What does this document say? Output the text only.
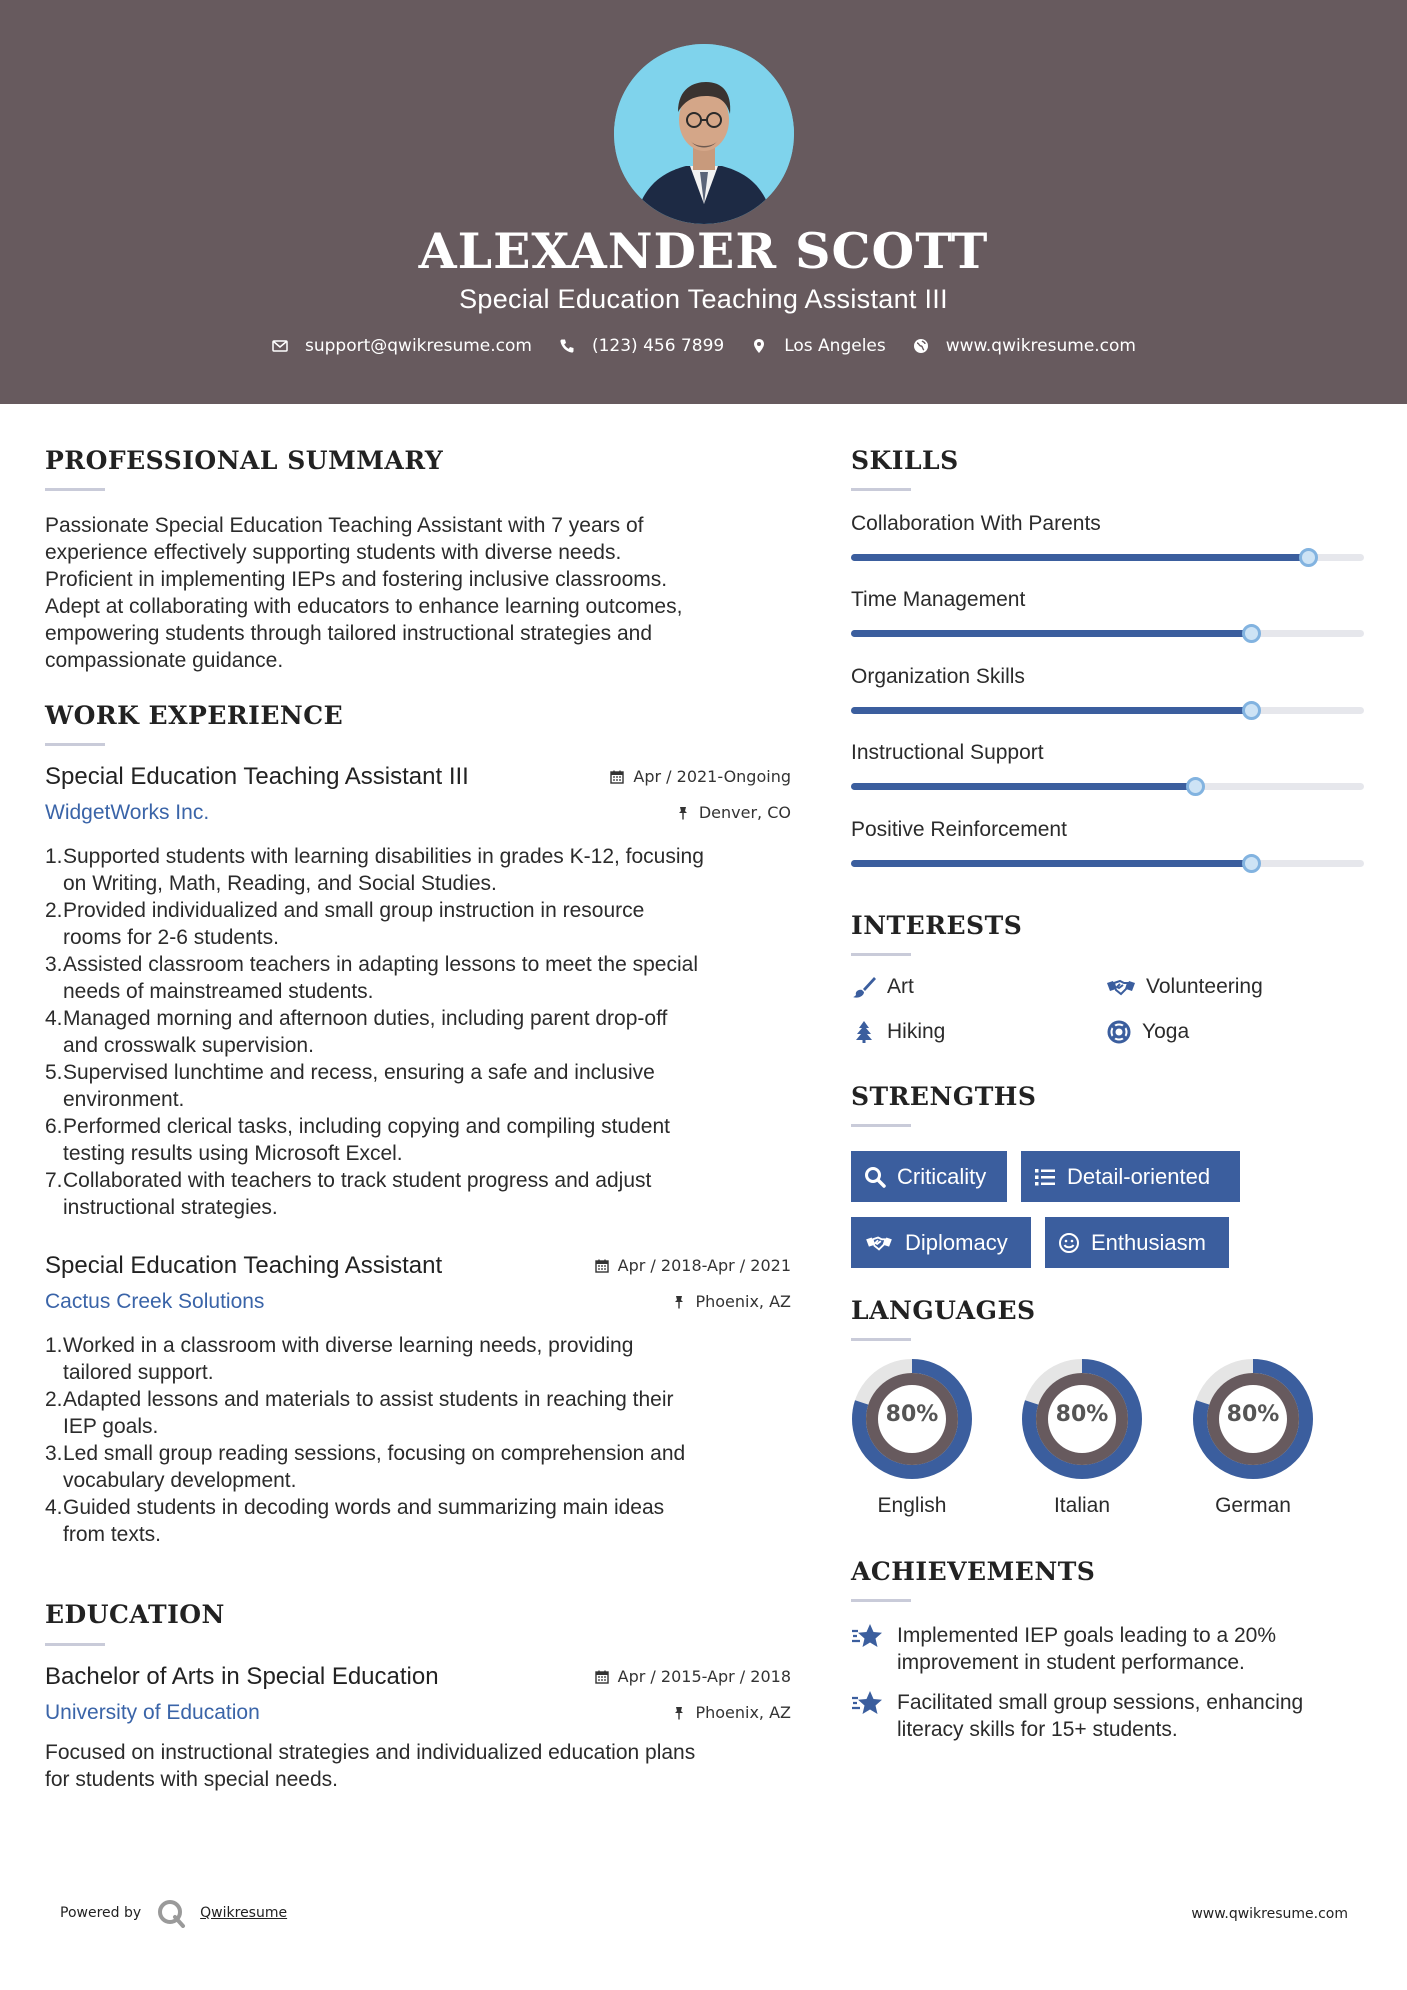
ALEXANDER SCOTT
Special Education Teaching Assistant III
support@qwikresume.com	(123) 456 7899	Los Angeles	www.qwikresume.com
PROFESSIONAL SUMMARY
Passionate Special Education Teaching Assistant with 7 years of
experience effectively supporting students with diverse needs.
Proficient in implementing IEPs and fostering inclusive classrooms.
Adept at collaborating with educators to enhance learning outcomes,
empowering students through tailored instructional strategies and
compassionate guidance.
WORK EXPERIENCE
Special Education Teaching Assistant III	Apr / 2021-Ongoing
WidgetWorks Inc.	Denver, CO
1. Supported students with learning disabilities in grades K-12, focusing
on Writing, Math, Reading, and Social Studies.
2. Provided individualized and small group instruction in resource
rooms for 2-6 students.
3. Assisted classroom teachers in adapting lessons to meet the special
needs of mainstreamed students.
4. Managed morning and afternoon duties, including parent drop-off
and crosswalk supervision.
5. Supervised lunchtime and recess, ensuring a safe and inclusive
environment.
6. Performed clerical tasks, including copying and compiling student
testing results using Microsoft Excel.
7. Collaborated with teachers to track student progress and adjust
instructional strategies.
Special Education Teaching Assistant	Apr / 2018-Apr / 2021
Cactus Creek Solutions	Phoenix, AZ
1. Worked in a classroom with diverse learning needs, providing
tailored support.
2. Adapted lessons and materials to assist students in reaching their
IEP goals.
3. Led small group reading sessions, focusing on comprehension and
vocabulary development.
4. Guided students in decoding words and summarizing main ideas
from texts.
EDUCATION
Bachelor of Arts in Special Education	Apr / 2015-Apr / 2018
University of Education	Phoenix, AZ
Focused on instructional strategies and individualized education plans
for students with special needs.
SKILLS
Collaboration With Parents
Time Management
Organization Skills
Instructional Support
Positive Reinforcement
INTERESTS
Art	Volunteering
Hiking	Yoga
STRENGTHS
Criticality	Detail-oriented
Diplomacy	Enthusiasm
LANGUAGES
80%
English
80%
Italian
80%
German
ACHIEVEMENTS
Implemented IEP goals leading to a 20%
improvement in student performance.
Facilitated small group sessions, enhancing
literacy skills for 15+ students.
Powered by	Qwikresume	www.qwikresume.com
